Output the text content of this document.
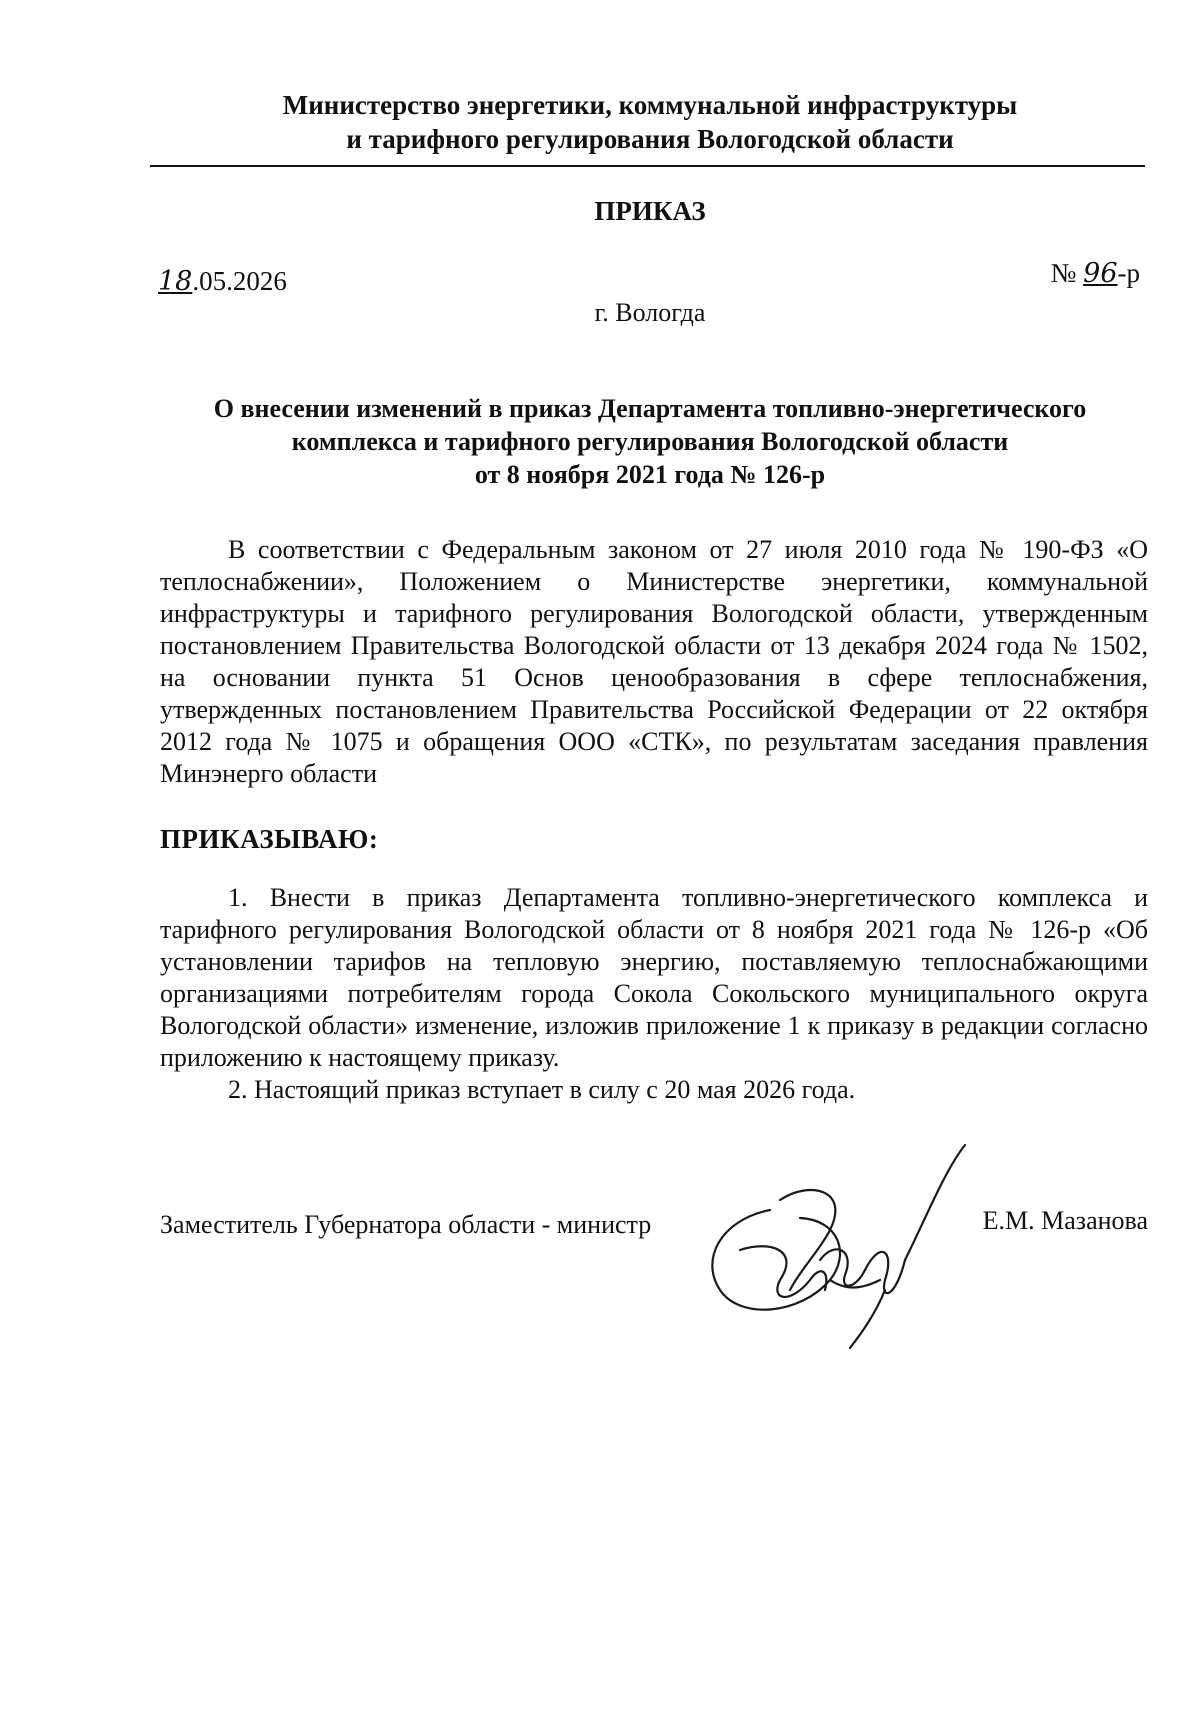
Министерство энергетики, коммунальной инфраструктуры
и тарифного регулирования Вологодской области
ПРИКАЗ
18.05.2026	№ 96-р
г. Вологда
О внесении изменений в приказ Департамента топливно-энергетического
комплекса и тарифного регулирования Вологодской области
от 8 ноября 2021 года № 126-р

В соответствии с Федеральным законом от 27 июля 2010 года № 190-ФЗ «О теплоснабжении», Положением о Министерстве энергетики, коммунальной инфраструктуры и тарифного регулирования Вологодской области, утвержденным постановлением Правительства Вологодской области от 13 декабря 2024 года № 1502, на основании пункта 51 Основ ценообразования в сфере теплоснабжения, утвержденных постановлением Правительства Российской Федерации от 22 октября 2012 года № 1075 и обращения ООО «СТК», по результатам заседания правления Минэнерго области

ПРИКАЗЫВАЮ:

1. Внести в приказ Департамента топливно-энергетического комплекса и тарифного регулирования Вологодской области от 8 ноября 2021 года № 126-р «Об установлении тарифов на тепловую энергию, поставляемую теплоснабжающими организациями потребителям города Сокола Сокольского муниципального округа Вологодской области» изменение, изложив приложение 1 к приказу в редакции согласно приложению к настоящему приказу.

2. Настоящий приказ вступает в силу с 20 мая 2026 года.

Заместитель Губернатора области - министр	Е.М. Мазанова
